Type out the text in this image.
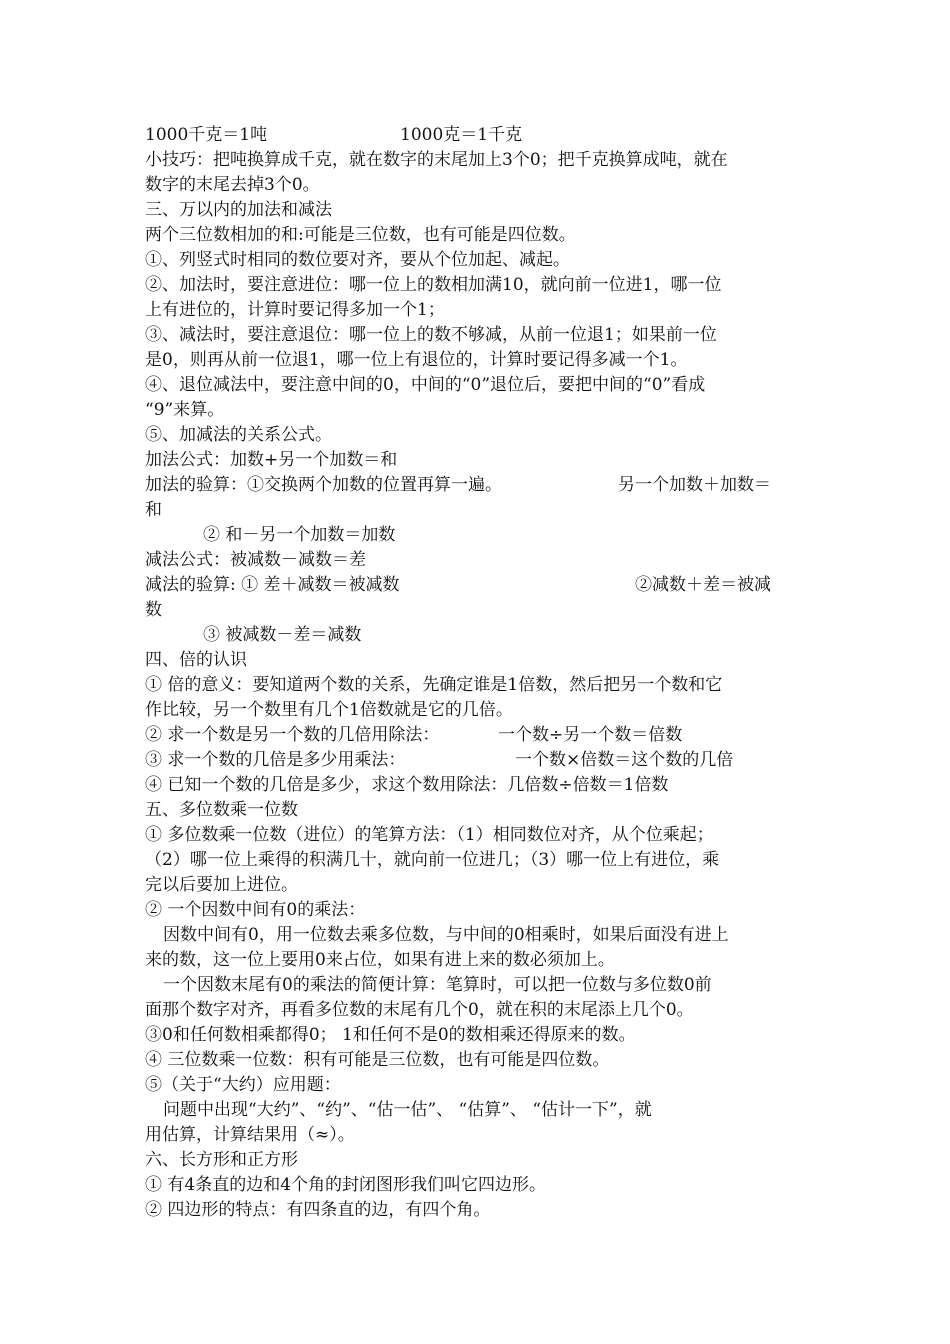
1000千克＝1吨	1000克＝1千克
小技巧：把吨换算成千克，就在数字的末尾加上3个0；把千克换算成吨，就在
数字的末尾去掉3个0。
三、万以内的加法和减法
两个三位数相加的和:可能是三位数，也有可能是四位数。
①、列竖式时相同的数位要对齐，要从个位加起、减起。
②、加法时，要注意进位：哪一位上的数相加满10，就向前一位进1，哪一位
上有进位的，计算时要记得多加一个1；
③、减法时，要注意退位：哪一位上的数不够减，从前一位退1；如果前一位
是0，则再从前一位退1，哪一位上有退位的，计算时要记得多减一个1。
④、退位减法中，要注意中间的0，中间的“0”退位后，要把中间的“0”看成
“9”来算。
⑤、加减法的关系公式。
加法公式：加数+另一个加数＝和
加法的验算：①交换两个加数的位置再算一遍。	另一个加数＋加数＝
和
② 和－另一个加数＝加数
减法公式：被减数－减数＝差
减法的验算: ① 差＋减数＝被减数	②减数＋差＝被减
数
③ 被减数－差＝减数
四、倍的认识
① 倍的意义：要知道两个数的关系，先确定谁是1倍数，然后把另一个数和它
作比较，另一个数里有几个1倍数就是它的几倍。
② 求一个数是另一个数的几倍用除法：	一个数÷另一个数＝倍数
③ 求一个数的几倍是多少用乘法：	一个数×倍数＝这个数的几倍
④ 已知一个数的几倍是多少，求这个数用除法：几倍数÷倍数＝1倍数
五、多位数乘一位数
① 多位数乘一位数（进位）的笔算方法：（1）相同数位对齐，从个位乘起；
（2）哪一位上乘得的积满几十，就向前一位进几；（3）哪一位上有进位，乘
完以后要加上进位。
② 一个因数中间有0的乘法：
因数中间有0，用一位数去乘多位数，与中间的0相乘时，如果后面没有进上
来的数，这一位上要用0来占位，如果有进上来的数必须加上。
一个因数末尾有0的乘法的简便计算：笔算时，可以把一位数与多位数0前
面那个数字对齐，再看多位数的末尾有几个0，就在积的末尾添上几个0。
③0和任何数相乘都得0； 1和任何不是0的数相乘还得原来的数。
④ 三位数乘一位数：积有可能是三位数，也有可能是四位数。
⑤（关于“大约）应用题：
问题中出现“大约”、“约”、“估一估”、 “估算”、 “估计一下”，就
用估算，计算结果用（≈）。
六、长方形和正方形
① 有4条直的边和4个角的封闭图形我们叫它四边形。
② 四边形的特点：有四条直的边，有四个角。
